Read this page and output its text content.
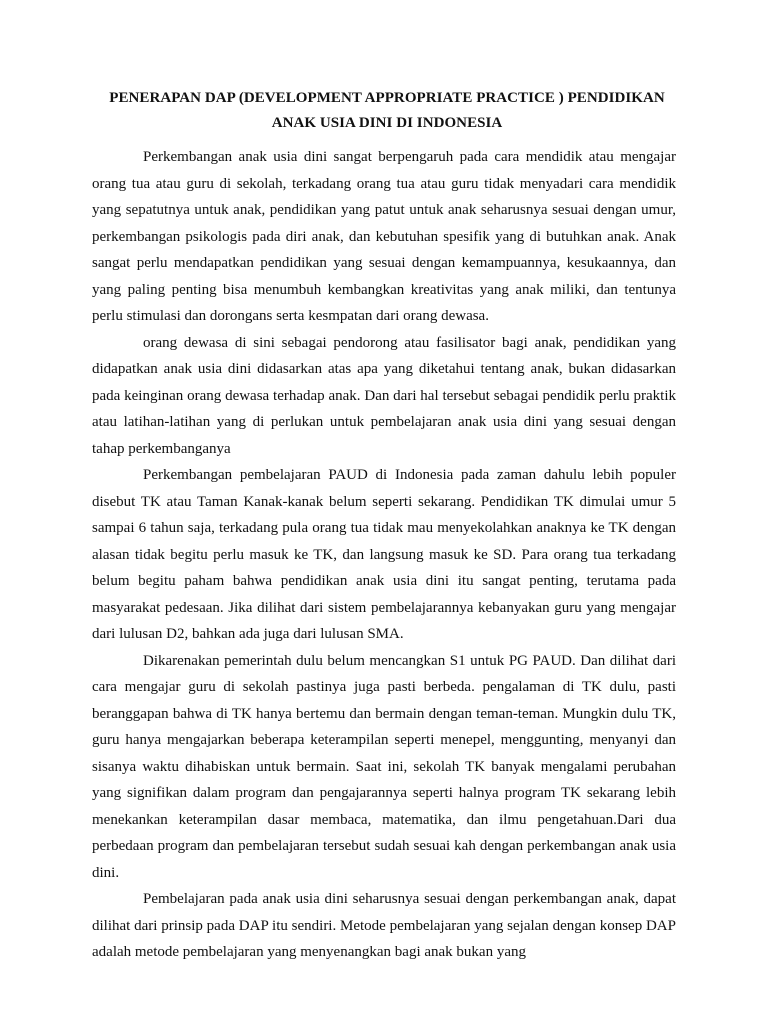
PENERAPAN DAP (DEVELOPMENT APPROPRIATE PRACTICE ) PENDIDIKAN
ANAK USIA DINI DI INDONESIA

Perkembangan anak usia dini sangat berpengaruh pada cara mendidik atau mengajar orang tua atau guru di sekolah, terkadang orang tua atau guru tidak menyadari cara mendidik yang sepatutnya untuk anak, pendidikan yang patut untuk anak seharusnya sesuai dengan umur, perkembangan psikologis pada diri anak, dan kebutuhan spesifik yang di butuhkan anak. Anak sangat perlu mendapatkan pendidikan yang sesuai dengan kemampuannya, kesukaannya, dan yang paling penting bisa menumbuh kembangkan kreativitas yang anak miliki, dan tentunya perlu stimulasi dan dorongans serta kesmpatan dari orang dewasa.

orang dewasa di sini sebagai pendorong atau fasilisator bagi anak, pendidikan yang didapatkan anak usia dini didasarkan atas apa yang diketahui tentang anak, bukan didasarkan pada keinginan orang dewasa terhadap anak. Dan dari hal tersebut sebagai pendidik perlu praktik atau latihan-latihan yang di perlukan untuk pembelajaran anak usia dini yang sesuai dengan tahap perkembanganya

Perkembangan pembelajaran PAUD di Indonesia pada zaman dahulu lebih populer disebut TK atau Taman Kanak-kanak belum seperti sekarang. Pendidikan TK dimulai umur 5 sampai 6 tahun saja, terkadang pula orang tua tidak mau menyekolahkan anaknya ke TK dengan alasan tidak begitu perlu masuk ke TK, dan langsung masuk ke SD. Para orang tua terkadang belum begitu paham bahwa pendidikan anak usia dini itu sangat penting, terutama pada masyarakat pedesaan. Jika dilihat dari sistem pembelajarannya kebanyakan guru yang mengajar dari lulusan D2, bahkan ada juga dari lulusan SMA.

Dikarenakan pemerintah dulu belum mencangkan S1 untuk PG PAUD. Dan dilihat dari cara mengajar guru di sekolah pastinya juga pasti berbeda. pengalaman di TK dulu, pasti beranggapan bahwa di TK hanya bertemu dan bermain dengan teman-teman. Mungkin dulu TK, guru hanya mengajarkan beberapa keterampilan seperti menepel, menggunting, menyanyi dan sisanya waktu dihabiskan untuk bermain. Saat ini, sekolah TK banyak mengalami perubahan yang signifikan dalam program dan pengajarannya seperti halnya program TK sekarang lebih menekankan keterampilan dasar membaca, matematika, dan ilmu pengetahuan.Dari dua perbedaan program dan pembelajaran tersebut sudah sesuai kah dengan perkembangan anak usia dini.

Pembelajaran pada anak usia dini seharusnya sesuai dengan perkembangan anak, dapat dilihat dari prinsip pada DAP itu sendiri. Metode pembelajaran yang sejalan dengan konsep DAP adalah metode pembelajaran yang menyenangkan bagi anak bukan yang
